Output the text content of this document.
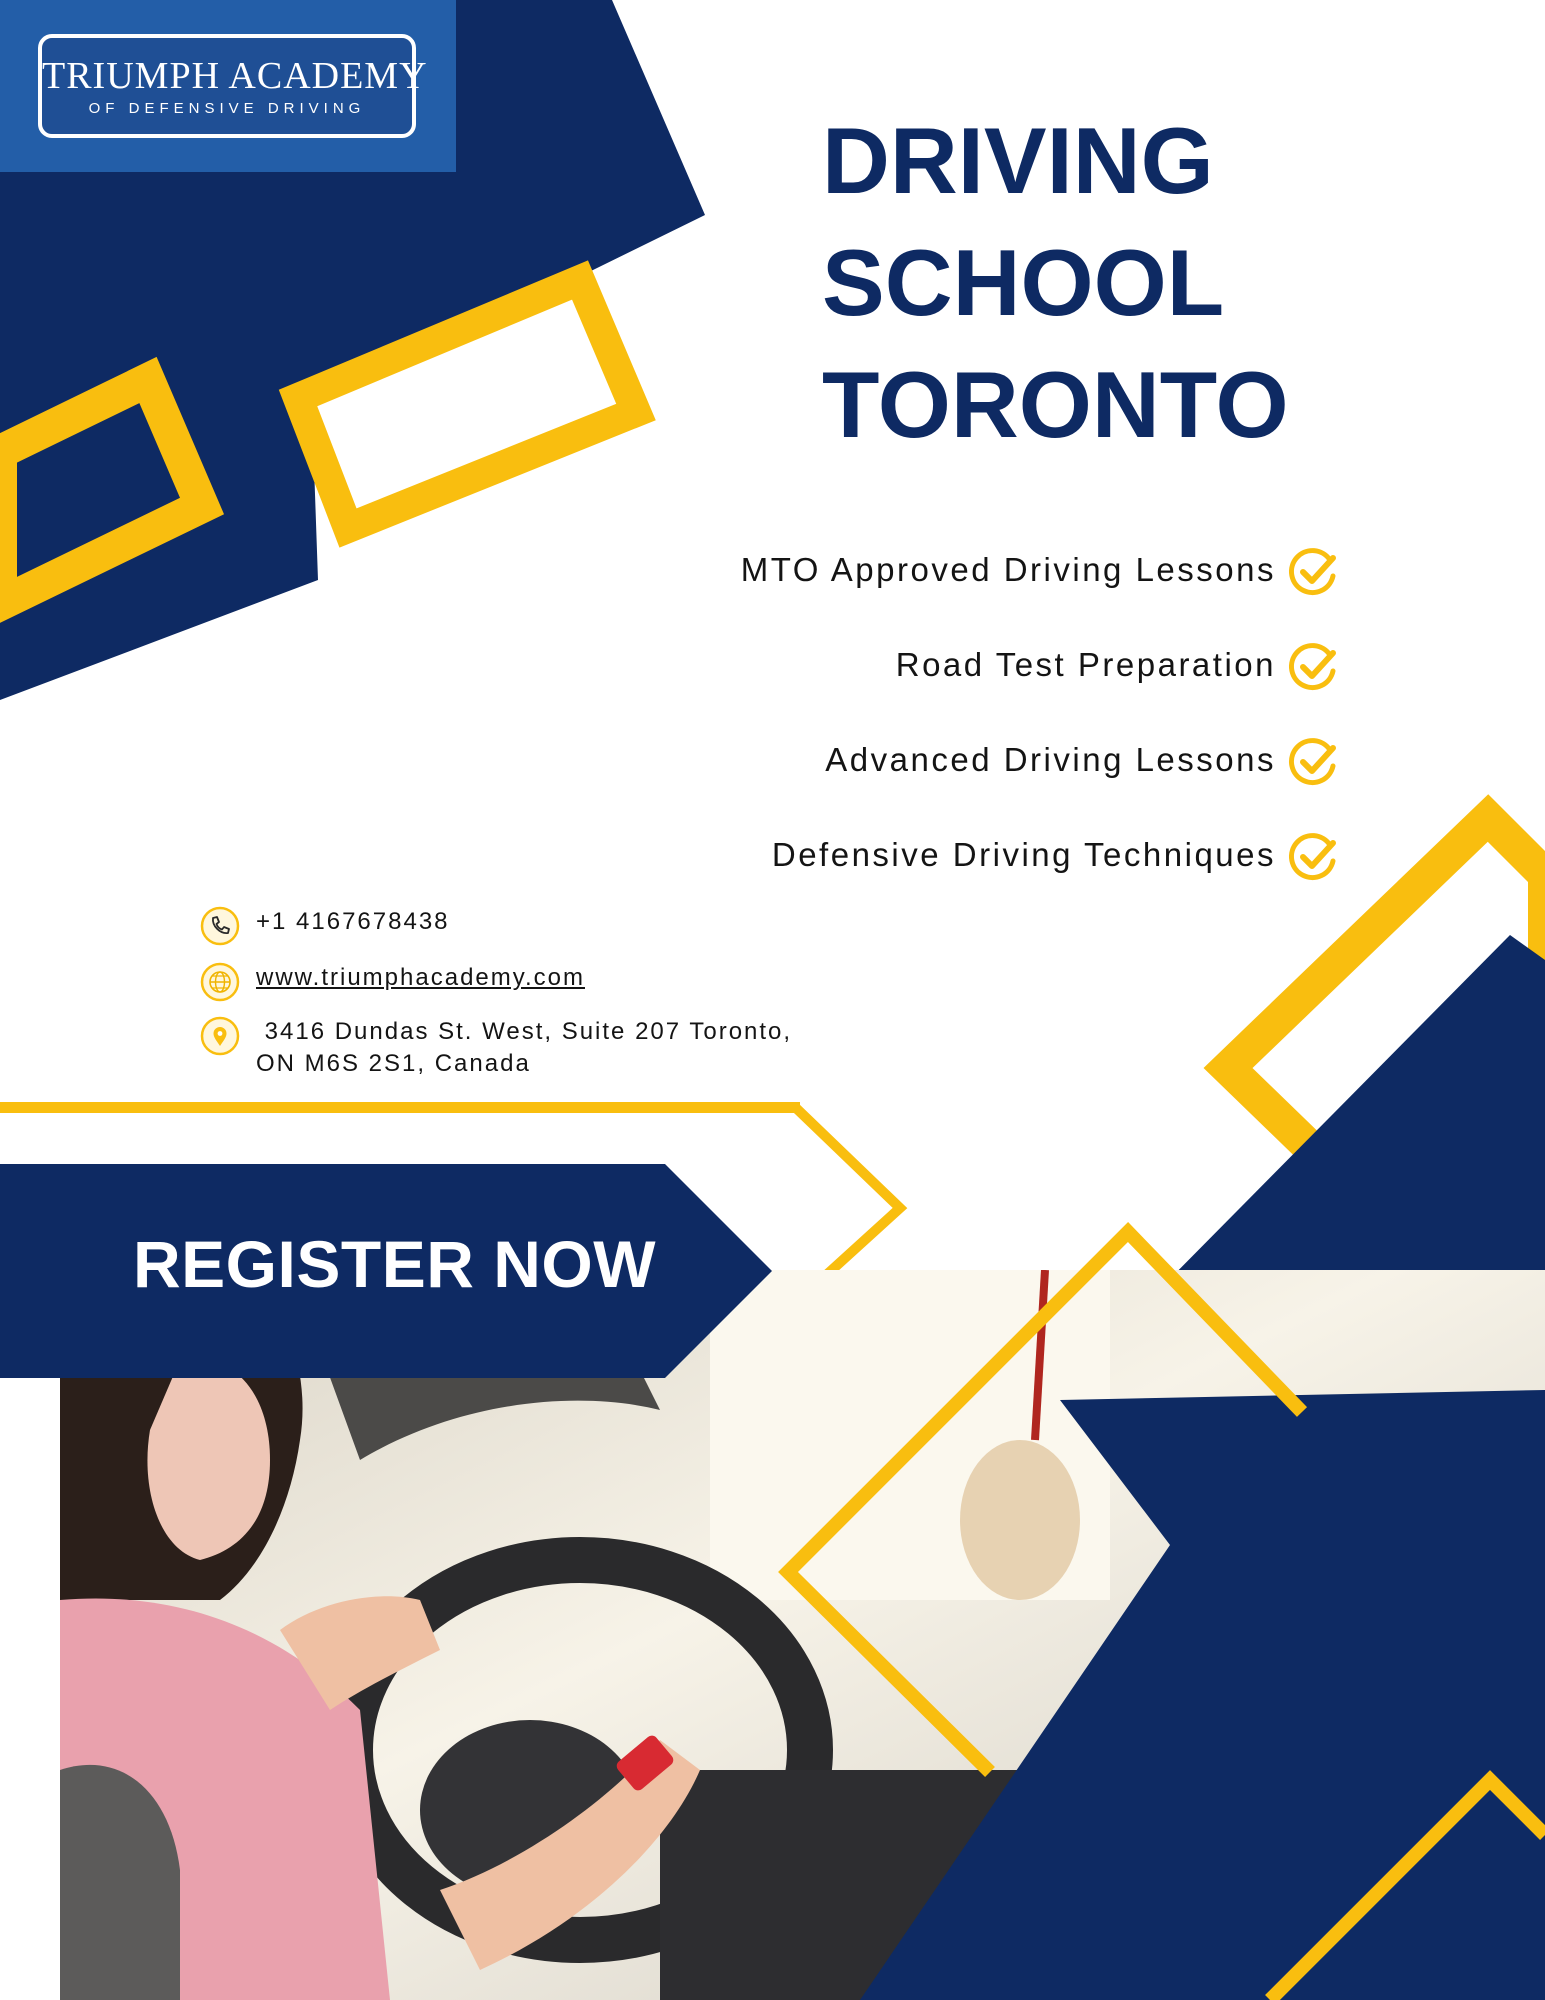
TRIUMPH ACADEMY
OF DEFENSIVE DRIVING	DRIVING
SCHOOL
TORONTO
MTO Approved Driving Lessons
Road Test Preparation
Advanced Driving Lessons
Defensive Driving Techniques
+1 4167678438
www.triumphacademy.com
3416 Dundas St. West, Suite 207 Toronto,
ON M6S 2S1, Canada
REGISTER NOW
